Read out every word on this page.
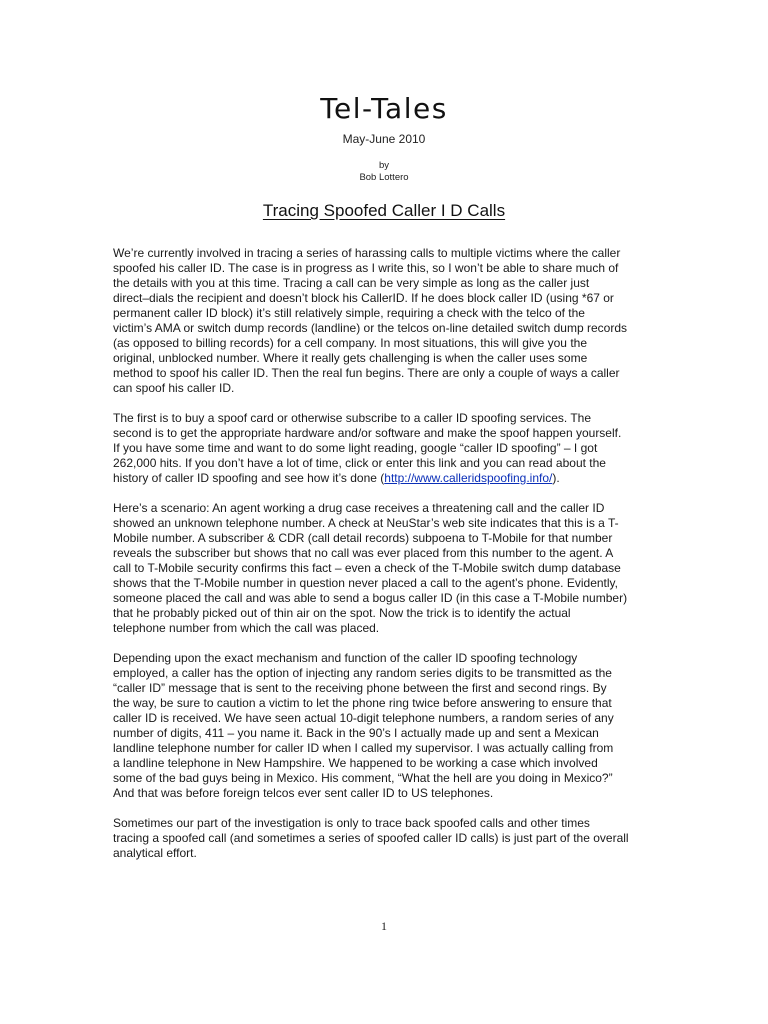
Tel-Tales
May-June 2010
by
Bob Lottero
Tracing Spoofed Caller I D Calls

We’re currently involved in tracing a series of harassing calls to multiple victims where the caller
spoofed his caller ID. The case is in progress as I write this, so I won’t be able to share much of
the details with you at this time. Tracing a call can be very simple as long as the caller just
direct–dials the recipient and doesn’t block his CallerID. If he does block caller ID (using *67 or
permanent caller ID block) it’s still relatively simple, requiring a check with the telco of the
victim’s AMA or switch dump records (landline) or the telcos on-line detailed switch dump records
(as opposed to billing records) for a cell company. In most situations, this will give you the
original, unblocked number. Where it really gets challenging is when the caller uses some
method to spoof his caller ID. Then the real fun begins. There are only a couple of ways a caller
can spoof his caller ID.

The first is to buy a spoof card or otherwise subscribe to a caller ID spoofing services. The
second is to get the appropriate hardware and/or software and make the spoof happen yourself.
If you have some time and want to do some light reading, google “caller ID spoofing” – I got
262,000 hits. If you don’t have a lot of time, click or enter this link and you can read about the
history of caller ID spoofing and see how it’s done (http://www.calleridspoofing.info/).

Here’s a scenario: An agent working a drug case receives a threatening call and the caller ID
showed an unknown telephone number. A check at NeuStar’s web site indicates that this is a T-
Mobile number. A subscriber & CDR (call detail records) subpoena to T-Mobile for that number
reveals the subscriber but shows that no call was ever placed from this number to the agent. A
call to T-Mobile security confirms this fact – even a check of the T-Mobile switch dump database
shows that the T-Mobile number in question never placed a call to the agent’s phone. Evidently,
someone placed the call and was able to send a bogus caller ID (in this case a T-Mobile number)
that he probably picked out of thin air on the spot. Now the trick is to identify the actual
telephone number from which the call was placed.

Depending upon the exact mechanism and function of the caller ID spoofing technology
employed, a caller has the option of injecting any random series digits to be transmitted as the
“caller ID” message that is sent to the receiving phone between the first and second rings. By
the way, be sure to caution a victim to let the phone ring twice before answering to ensure that
caller ID is received. We have seen actual 10-digit telephone numbers, a random series of any
number of digits, 411 – you name it. Back in the 90’s I actually made up and sent a Mexican
landline telephone number for caller ID when I called my supervisor. I was actually calling from
a landline telephone in New Hampshire. We happened to be working a case which involved
some of the bad guys being in Mexico. His comment, “What the hell are you doing in Mexico?”
And that was before foreign telcos ever sent caller ID to US telephones.

Sometimes our part of the investigation is only to trace back spoofed calls and other times
tracing a spoofed call (and sometimes a series of spoofed caller ID calls) is just part of the overall
analytical effort.

1
